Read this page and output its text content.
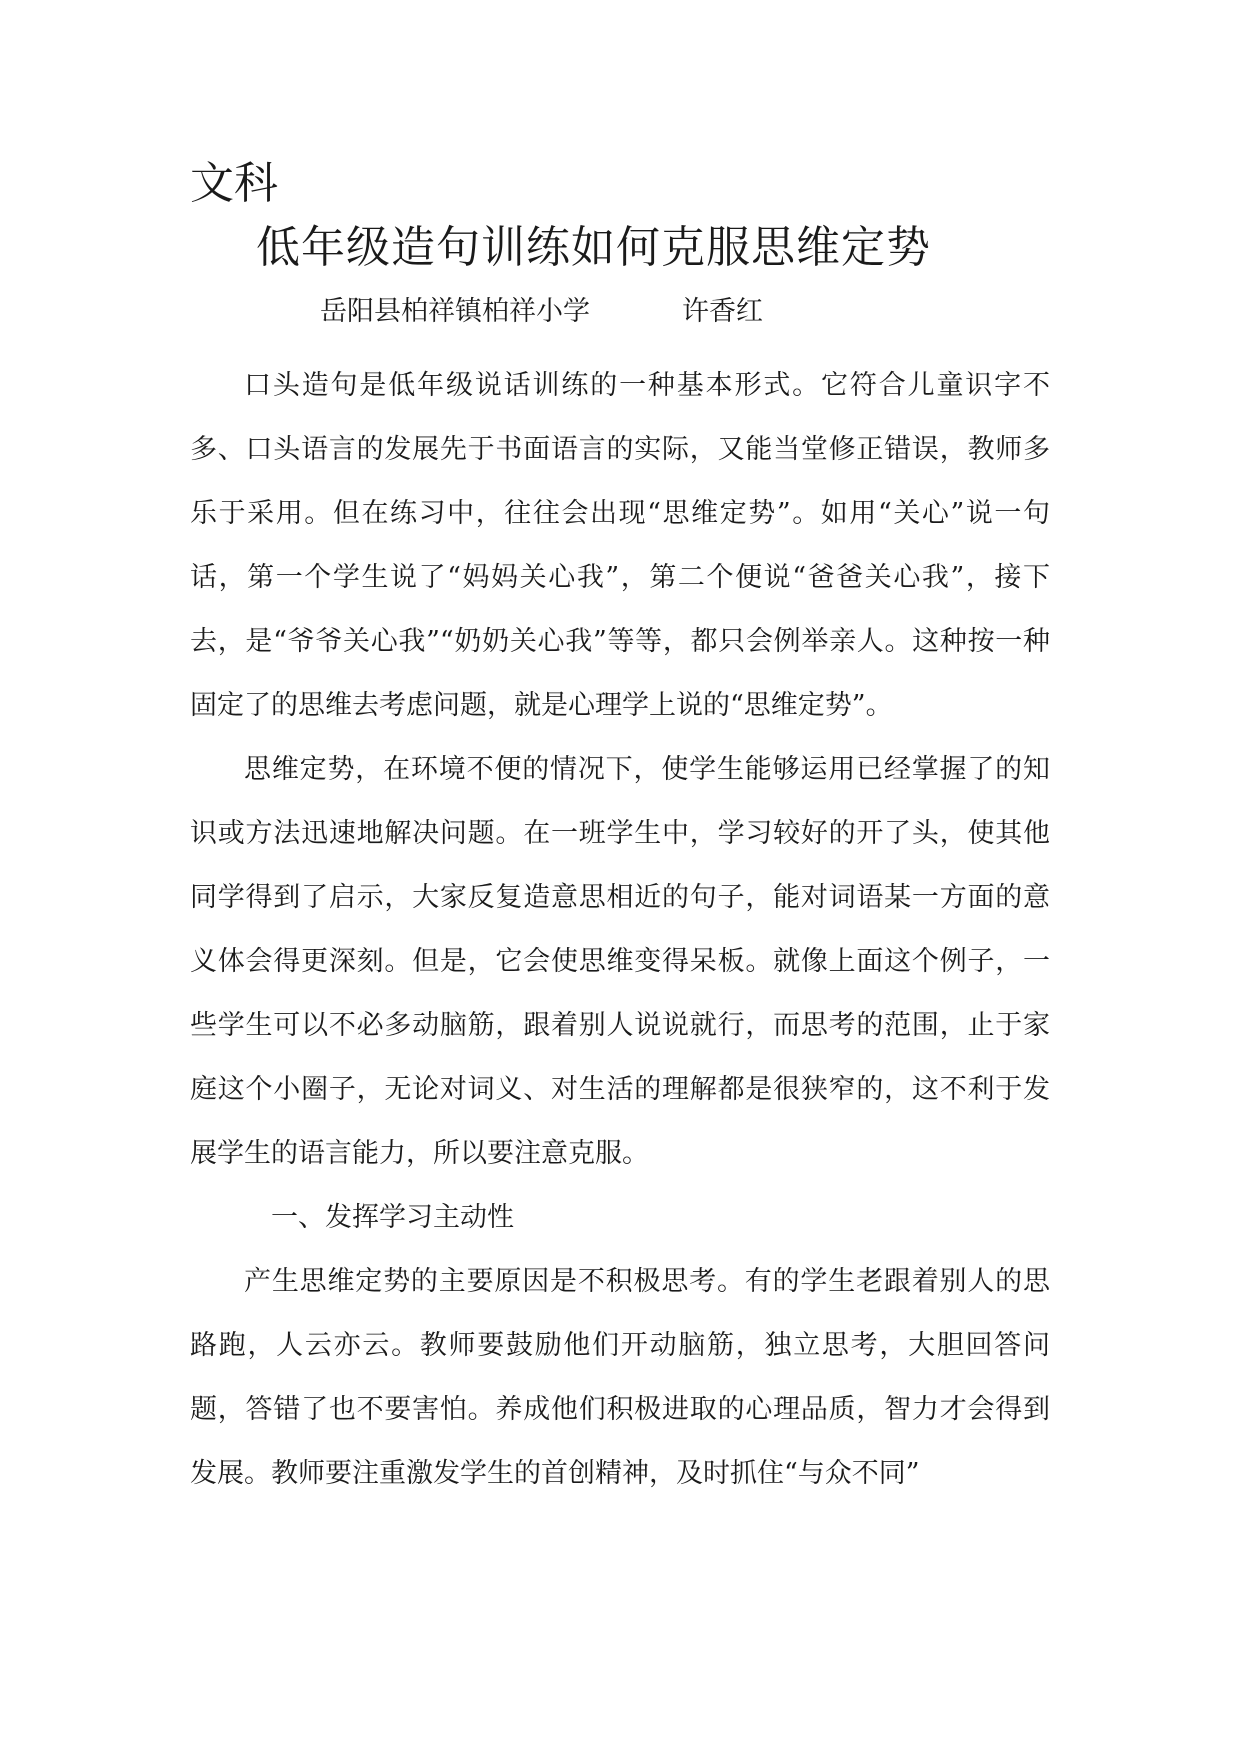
文科
低年级造句训练如何克服思维定势
岳阳县柏祥镇柏祥小学	许香红

口头造句是低年级说话训练的一种基本形式。它符合儿童识字不多、口头语言的发展先于书面语言的实际，又能当堂修正错误，教师多乐于采用。但在练习中，往往会出现“思维定势”。如用“关心”说一句话，第一个学生说了“妈妈关心我”，第二个便说“爸爸关心我”，接下去，是“爷爷关心我”“奶奶关心我”等等，都只会例举亲人。这种按一种固定了的思维去考虑问题，就是心理学上说的“思维定势”。

思维定势，在环境不便的情况下，使学生能够运用已经掌握了的知识或方法迅速地解决问题。在一班学生中，学习较好的开了头，使其他同学得到了启示，大家反复造意思相近的句子，能对词语某一方面的意义体会得更深刻。但是，它会使思维变得呆板。就像上面这个例子，一些学生可以不必多动脑筋，跟着别人说说就行，而思考的范围，止于家庭这个小圈子，无论对词义、对生活的理解都是很狭窄的，这不利于发展学生的语言能力，所以要注意克服。

一、发挥学习主动性

产生思维定势的主要原因是不积极思考。有的学生老跟着别人的思路跑，人云亦云。教师要鼓励他们开动脑筋，独立思考，大胆回答问题，答错了也不要害怕。养成他们积极进取的心理品质，智力才会得到发展。教师要注重激发学生的首创精神，及时抓住“与众不同”
